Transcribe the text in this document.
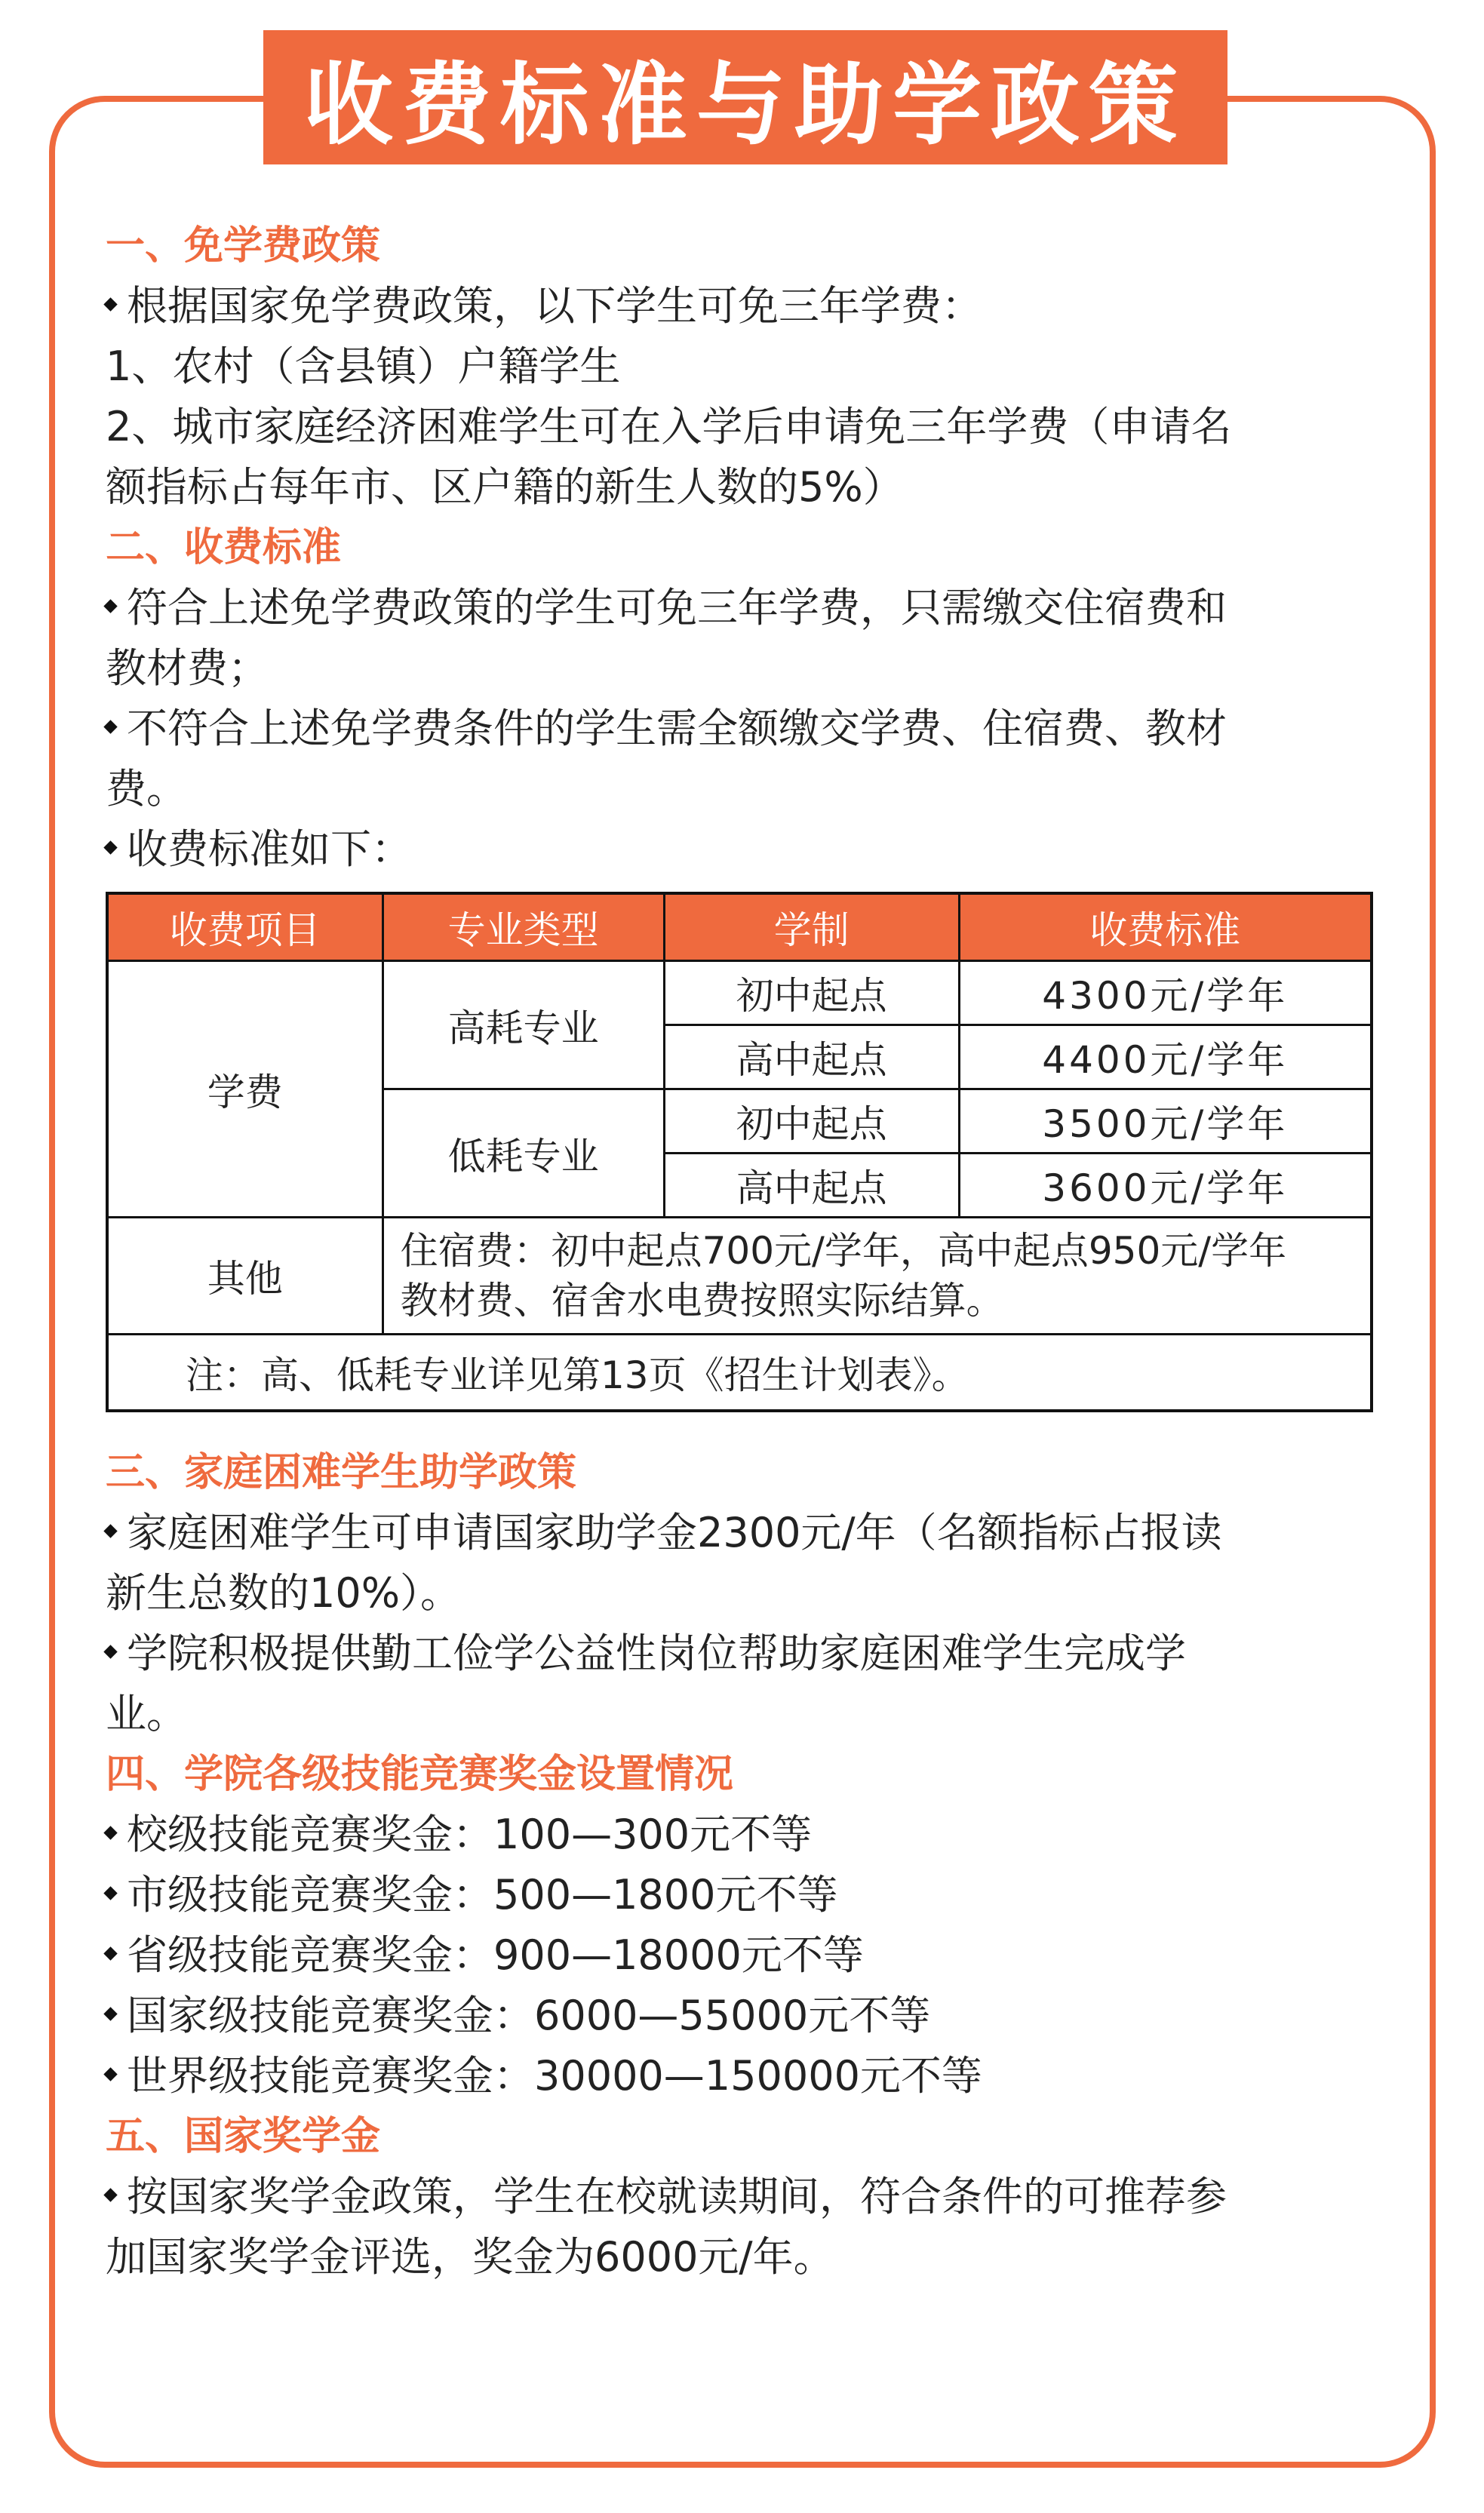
收费标准与助学政策
一、免学费政策
根据国家免学费政策，以下学生可免三年学费：
1、农村（含县镇）户籍学生
2、城市家庭经济困难学生可在入学后申请免三年学费（申请名
额指标占每年市、区户籍的新生人数的5%）
二、收费标准
符合上述免学费政策的学生可免三年学费，只需缴交住宿费和
教材费；
不符合上述免学费条件的学生需全额缴交学费、住宿费、教材
费。
收费标准如下：
收费项目	专业类型	学制	收费标准
学费	高耗专业	初中起点	4300元/学年
		高中起点	4400元/学年
	低耗专业	初中起点	3500元/学年
		高中起点	3600元/学年
其他	住宿费：初中起点700元/学年，高中起点950元/学年
教材费、宿舍水电费按照实际结算。		

注：高、低耗专业详见第13页《招生计划表》。			
三、家庭困难学生助学政策
家庭困难学生可申请国家助学金2300元/年（名额指标占报读
新生总数的10%）。
学院积极提供勤工俭学公益性岗位帮助家庭困难学生完成学
业。
四、学院各级技能竞赛奖金设置情况
校级技能竞赛奖金：100—300元不等
市级技能竞赛奖金：500—1800元不等
省级技能竞赛奖金：900—18000元不等
国家级技能竞赛奖金：6000—55000元不等
世界级技能竞赛奖金：30000—150000元不等
五、国家奖学金
按国家奖学金政策，学生在校就读期间，符合条件的可推荐参
加国家奖学金评选，奖金为6000元/年。
